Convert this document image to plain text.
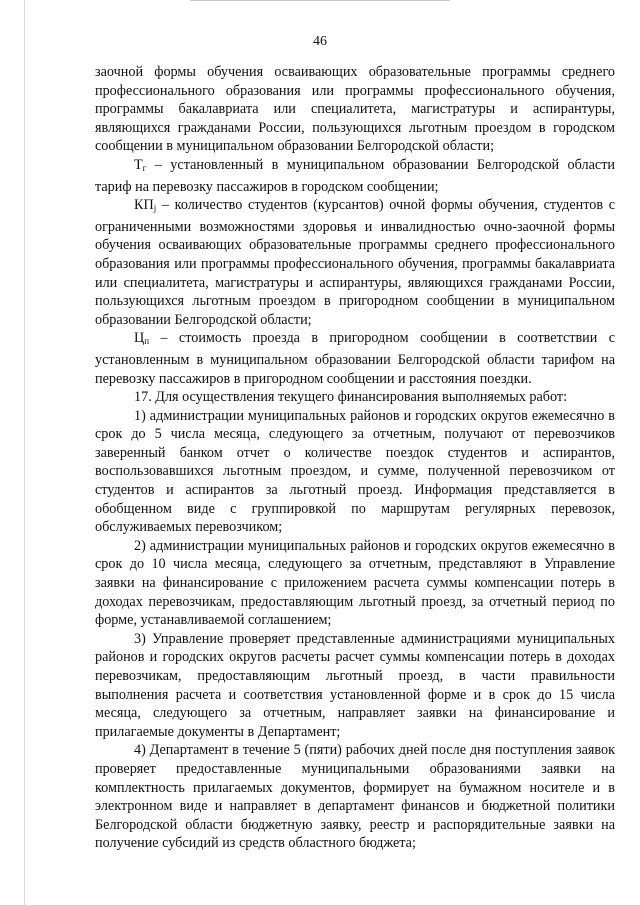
46

заочной формы обучения осваивающих образовательные программы среднего профессионального образования или программы профессионального обучения, программы бакалавриата или специалитета, магистратуры и аспирантуры, являющихся гражданами России, пользующихся льготным проездом в городском сообщении в муниципальном образовании Белгородской области;

$Т_г$ – установленный в муниципальном образовании Белгородской области тариф на перевозку пассажиров в городском сообщении;

$КП_j$ – количество студентов (курсантов) очной формы обучения, студентов с ограниченными возможностями здоровья и инвалидностью очно-заочной формы обучения осваивающих образовательные программы среднего профессионального образования или программы профессионального обучения, программы бакалавриата или специалитета, магистратуры и аспирантуры, являющихся гражданами России, пользующихся льготным проездом в пригородном сообщении в муниципальном образовании Белгородской области;

$Ц_п$ – стоимость проезда в пригородном сообщении в соответствии с установленным в муниципальном образовании Белгородской области тарифом на перевозку пассажиров в пригородном сообщении и расстояния поездки.

17. Для осуществления текущего финансирования выполняемых работ:

1) администрации муниципальных районов и городских округов ежемесячно в срок до 5 числа месяца, следующего за отчетным, получают от перевозчиков заверенный банком отчет о количестве поездок студентов и аспирантов, воспользовавшихся льготным проездом, и сумме, полученной перевозчиком от студентов и аспирантов за льготный проезд. Информация представляется в обобщенном виде с группировкой по маршрутам регулярных перевозок, обслуживаемых перевозчиком;

2) администрации муниципальных районов и городских округов ежемесячно в срок до 10 числа месяца, следующего за отчетным, представляют в Управление заявки на финансирование с приложением расчета суммы компенсации потерь в доходах перевозчикам, предоставляющим льготный проезд, за отчетный период по форме, устанавливаемой соглашением;

3) Управление проверяет представленные администрациями муниципальных районов и городских округов расчеты расчет суммы компенсации потерь в доходах перевозчикам, предоставляющим льготный проезд, в части правильности выполнения расчета и соответствия установленной форме и в срок до 15 числа месяца, следующего за отчетным, направляет заявки на финансирование и прилагаемые документы в Департамент;

4) Департамент в течение 5 (пяти) рабочих дней после дня поступления заявок проверяет предоставленные муниципальными образованиями заявки на комплектность прилагаемых документов, формирует на бумажном носителе и в электронном виде и направляет в департамент финансов и бюджетной политики Белгородской области бюджетную заявку, реестр и распорядительные заявки на получение субсидий из средств областного бюджета;
